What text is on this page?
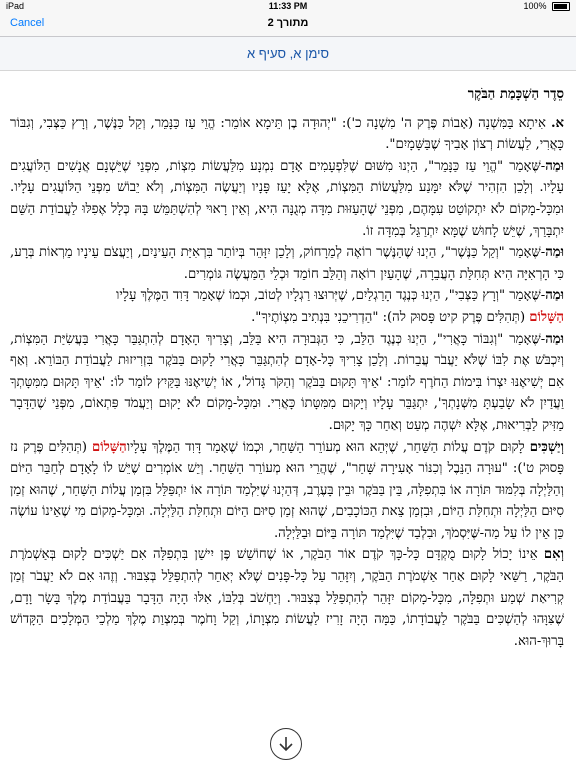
iPad	11:33 PM	100%
Cancel	מתורך 2
סימן א, סעיף א
סֵדֶר הַשְׁכָּמַת הַבֹּקֶר

א. אִיתָא בַּמִּשְׁנָה (אָבוֹת פֶּרֶק ה' מִשְׁנָה כ'): "יְהוּדָה בֶן תֵּימָא אוֹמֵר: הֱוֵי עַז כַּנָּמֵר, וְקַל כַּנֶּשֶׁר, וְרָץ כַּצְּבִי, וְגִבּוֹר כָּאֲרִי, לַעֲשׂוֹת רְצוֹן אָבִיךָ שֶׁבַּשָּׁמָיִם".

וּמַה-שֶּׁאָמַר "הֱוֵי עַז כַּנָּמֵר", הַיְנוּ מִשּׁוּם שֶׁלִּפְעָמִים אָדָם נִמְנָע מִלַּעֲשׂוֹת מִצְוֹת, מִפְּנֵי שֶׁיֵּשְׁנָם אֲנָשִׁים הַלּוֹעֲגִים עָלָיו. וְלָכֵן הִזְהִיר שֶׁלֹּא יִמָּנַע מִלַּעֲשׂוֹת הַמִּצְוֹת, אֶלָּא יָעֵז פָּנָיו וְיַעֲשֶׂה הַמִּצְוֹת, וְלֹא יֵבוֹשׁ מִפְּנֵי הַלּוֹעֲגִים עָלָיו. וּמִכָּל-מָקוֹם לֹא יִתְקוֹטֵט עִמָּהֶם, מִפְּנֵי שֶׁהָעַזּוּת מִדָּה מְגֻנָּה הִיא, וְאֵין רָאוּי לְהִשְׁתַּמֵּשׁ בָּהּ כְּלָל אֶפִלּוּ לַעֲבוֹדַת הַשֵּׁם יִתְבָּרַךְ, שֶׁיֵּשׁ לָחוּשׁ שֶׁמָּא יִתְרַגֵּל בְּמִדָּה זוֹ.

וּמַה-שֶּׁאָמַר "וְקַל כַּנֶּשֶׁר", הַיְנוּ שֶׁהַנֶּשֶׁר רוֹאֶה לְמֵרָחוֹק, וְלָכֵן יִזָּהֵר בְּיוֹתֵר בִּרְאִיַּת הָעֵינַיִם, וְיַעֲצֹם עֵינָיו מֵרְאוֹת בְּרָע, כִּי הָרְאִיָּה הִיא תְּחִלַּת הָעֲבֵרָה, שֶׁהָעַיִן רוֹאָה וְהַלֵּב חוֹמֵד וּכְלֵי הַמַּעֲשֶׂה גּוֹמְרִים.

וּמַה-שֶּׁאָמַר "וְרָץ כַּצְּבִי", הַיְנוּ כְּנֶגֶד הָרַגְלַיִם, שֶׁיְּרוּצוּ רַגְלָיו לְטוֹב, וּכְמוֹ שֶׁאָמַר דָּוִד הַמֶּלֶךְ עָלָיו
הַשָּׁלוֹם (תְּהִלִּים פֶּרֶק קיט פָּסוּק לה): "הַדְרִיכֵנִי בִּנְתִיב מִצְוֹתֶיךָ".

וּמַה-שֶּׁאָמַר "וְגִבּוֹר כָּאֲרִי", הַיְנוּ כְּנֶגֶד הַלֵּב, כִּי הַגְּבוּרָה הִיא בַּלֵּב, וְצָרִיךְ הָאָדָם לְהִתְגַּבֵּר כָּאֲרִי בַּעֲשִׂיַּת הַמִּצְוֹת, וְיִכְבֹּשׁ אֶת לִבּוֹ שֶׁלֹּא יַעֲבֹר עֲבֵרוֹת. וְלָכֵן צָרִיךְ כָּל-אָדָם לְהִתְגַּבֵּר כָּאֲרִי לָקוּם בַּבֹּקֶר בִּזְרִיזוּת לַעֲבוֹדַת הַבּוֹרֵא. וְאַף אִם יְשִׁיאֶנּוּ יִצְרוֹ בִּימוֹת הַחֹרֶף לוֹמַר: 'אֵיךְ תָּקוּם בַּבֹּקֶר וְהַקֹּר גָּדוֹל', אוֹ יְשִׁיאֶנּוּ בַּקַּיִץ לוֹמַר לוֹ: 'אֵיךְ תָּקוּם מִמִּטָּתְךָ וַעֲדַיִן לֹא שָׂבַעְתָּ מִשְּׁנָתְךָ', יִתְגַּבֵּר עָלָיו וְיָקוּם מִמִּטָּתוֹ כָּאֲרִי. וּמִכָּל-מָקוֹם לֹא יָקוּם וְיַעֲמֹד פִּתְאוֹם, מִפְּנֵי שֶׁהַדָּבָר מַזִּיק לַבְּרִיאוּת, אֶלָּא יִשְׁהֶה מְעַט וְאַחַר כָּךְ יָקוּם.

וְיַשְׁכִּים לָקוּם קֹדֶם עֲלוֹת הַשַּׁחַר, שֶׁיְּהֵא הוּא מְעוֹרֵר הַשַּׁחַר, וּכְמוֹ שֶׁאָמַר דָּוִד הַמֶּלֶךְ עָלָיוהַשָּׁלוֹם (תְּהִלִּים פֶּרֶק נז פָּסוּק ט'): "עוּרָה הַנֵּבֶל וְכִנּוֹר אָעִירָה שָּׁחַר", שֶׁהֲרֵי הוּא מְעוֹרֵר הַשַּׁחַר. וְיֵשׁ אוֹמְרִים שֶׁיֵּשׁ לוֹ לָאָדָם לְחַבֵּר הַיּוֹם וְהַלַּיְלָה בְּלִמּוּד תּוֹרָה אוֹ בִּתְפִלָּה, בֵּין בַּבֹּקֶר וּבֵין בָּעֶרֶב, דְּהַיְנוּ שֶׁיִּלְמַד תּוֹרָה אוֹ יִתְפַּלֵּל בִּזְמַן עֲלוֹת הַשַּׁחַר, שֶׁהוּא זְמַן סִיּוּם הַלַּיְלָה וּתְחִלַּת הַיּוֹם, וּבִזְמַן צֵאת הַכּוֹכָבִים, שֶׁהוּא זְמַן סִיּוּם הַיּוֹם וּתְחִלַּת הַלַּיְלָה. וּמִכָּל-מָקוֹם מִי שֶׁאֵינוֹ עוֹשֶׂה כֵּן אֵין לוֹ עַל מַה-שֶּׁיִּסְמֹךְ, וּבִלְבַד שֶׁיִּלְמַד תּוֹרָה בַּיּוֹם וּבַלַּיְלָה.

וְאִם אֵינוֹ יָכוֹל לָקוּם מֻקְדָּם כָּל-כָּךְ קֹדֶם אוֹר הַבֹּקֶר, אוֹ שֶׁחוֹשֵׁשׁ פֶּן יִישַׁן בִּתְפִלָּה אִם יַשְׁכִּים לָקוּם בְּאַשְׁמֹרֶת הַבֹּקֶר, רַשַּׁאי לָקוּם אַחַר אַשְׁמֹרֶת הַבֹּקֶר, וְיִזָּהֵר עַל כָּל-פָּנִים שֶׁלֹּא יְאַחֵר לְהִתְפַּלֵּל בְּצִבּוּר. וְזֶהוּ אִם לֹא יַעֲבֹר זְמַן קְרִיאַת שְׁמַע וּתְפִלָּה, מִכָּל-מָקוֹם יִזָּהֵר לְהִתְפַּלֵּל בְּצִבּוּר. וְיַחְשֹׁב בְּלִבּוֹ, אִלּוּ הָיָה הַדָּבָר בַּעֲבוֹדַת מֶלֶךְ בָּשָׂר וָדָם, שֶׁצִּוָּהוּ לְהַשְׁכִּים בַּבֹּקֶר לַעֲבוֹדָתוֹ, כַּמָּה הָיָה זָרִיז לַעֲשׂוֹת מִצְוָתוֹ, וְקַל וָחֹמֶר בְּמִצְוַת מֶלֶךְ מַלְכֵי הַמְּלָכִים הַקָּדוֹשׁ בָּרוּךְ-הוּא.
